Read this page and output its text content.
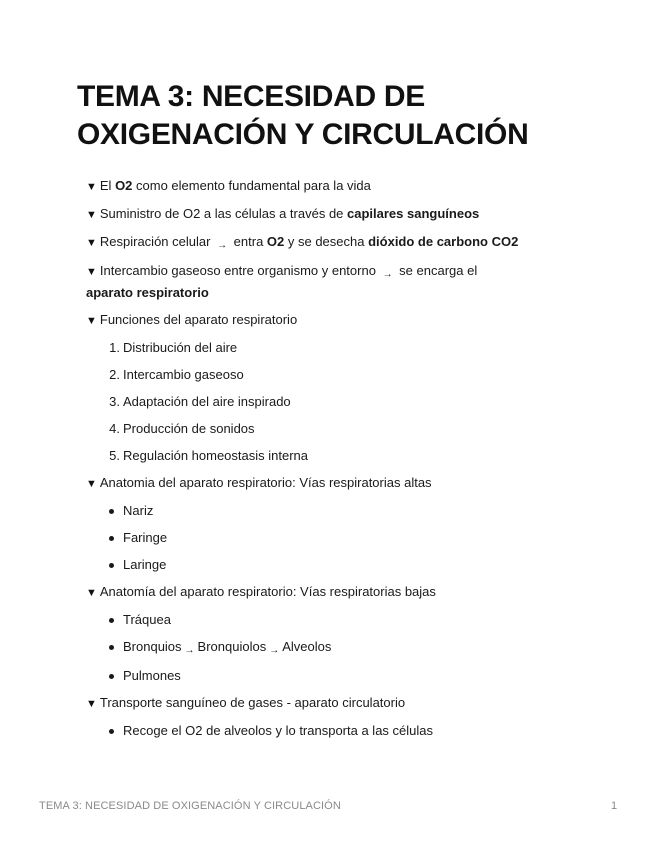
TEMA 3: NECESIDAD DE OXIGENACIÓN Y CIRCULACIÓN
▼ El O2 como elemento fundamental para la vida
▼ Suministro de O2 a las células a través de capilares sanguíneos
▼ Respiración celular → entra O2 y se desecha dióxido de carbono CO2
▼ Intercambio gaseoso entre organismo y entorno → se encarga el aparato respiratorio
▼ Funciones del aparato respiratorio
1. Distribución del aire
2. Intercambio gaseoso
3. Adaptación del aire inspirado
4. Producción de sonidos
5. Regulación homeostasis interna
▼ Anatomia del aparato respiratorio: Vías respiratorias altas
Nariz
Faringe
Laringe
▼ Anatomía del aparato respiratorio: Vías respiratorias bajas
Tráquea
Bronquios → Bronquiolos → Alveolos
Pulmones
▼ Transporte sanguíneo de gases - aparato circulatorio
Recoge el O2 de alveolos y lo transporta a las células
TEMA 3: NECESIDAD DE OXIGENACIÓN Y CIRCULACIÓN	1
